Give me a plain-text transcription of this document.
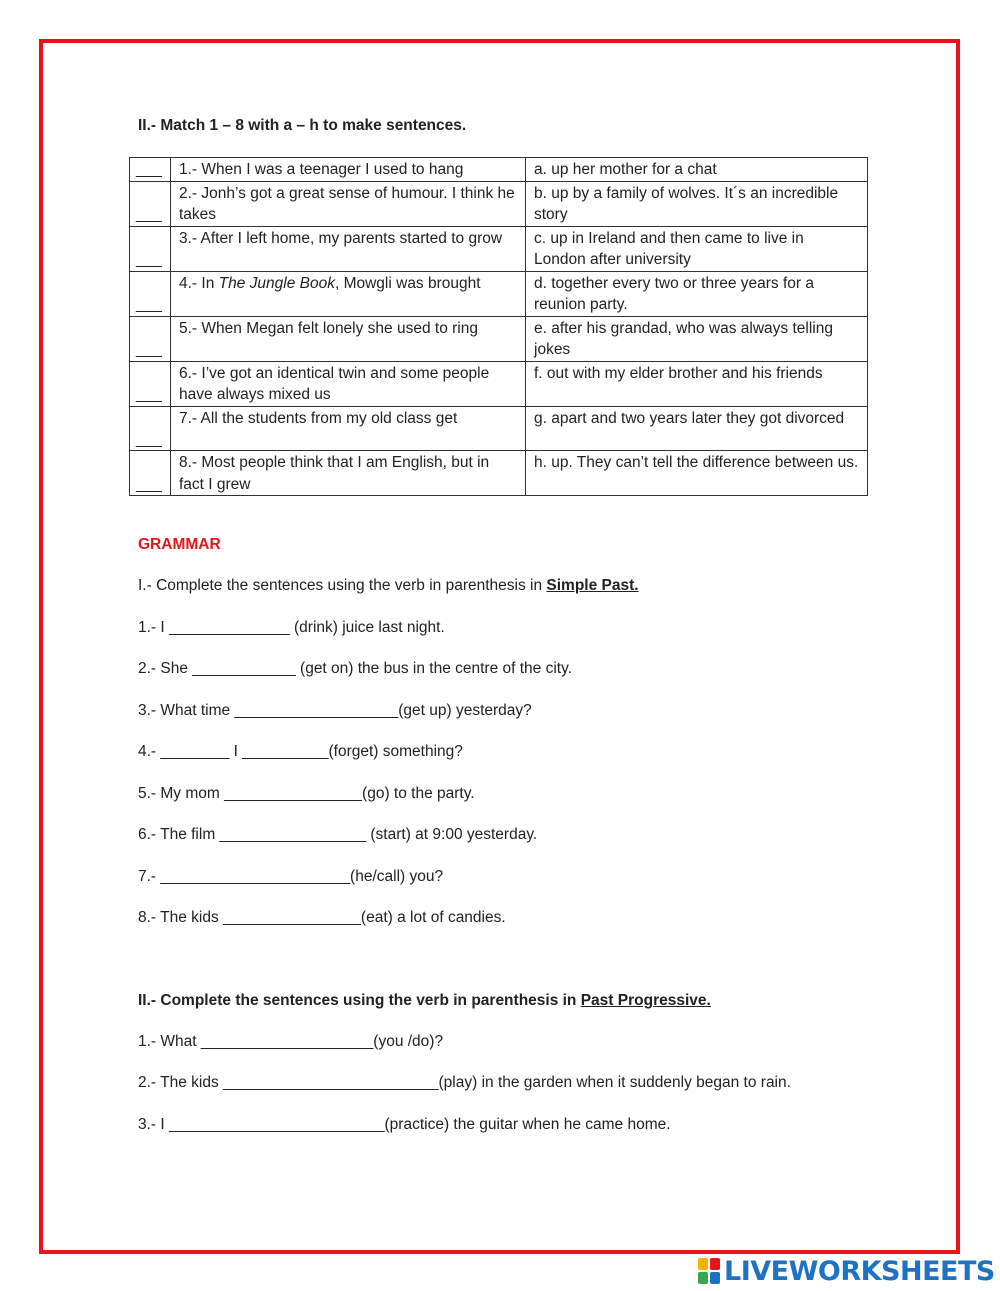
II.- Match 1 – 8 with a – h to make sentences.
___	1.- When I was a teenager I used to hang	a. up her mother for a chat
___	2.- Jonh’s got a great sense of humour. I think he takes	b. up by a family of wolves. It´s an incredible story
___	3.- After I left home, my parents started to grow	c. up in Ireland and then came to live in London after university
___	4.- In The Jungle Book, Mowgli was brought	d. together every two or three years for a reunion party.
___	5.- When Megan felt lonely she used to ring	e. after his grandad, who was always telling jokes
___	6.- I’ve got an identical twin and some people have always mixed us	f. out with my elder brother and his friends
___	7.- All the students from my old class get	g. apart and two years later they got divorced
___	8.- Most people think that I am English, but in fact I grew	h. up. They can’t tell the difference between us.
GRAMMAR
I.- Complete the sentences using the verb in parenthesis in Simple Past.
1.- I ______________ (drink) juice last night.
2.- She ____________ (get on) the bus in the centre of the city.
3.- What time ___________________(get up) yesterday?
4.- ________ I __________(forget) something?
5.- My mom ________________(go) to the party.
6.- The film _________________ (start) at 9:00 yesterday.
7.- ______________________(he/call) you?
8.- The kids ________________(eat) a lot of candies.
II.- Complete the sentences using the verb in parenthesis in Past Progressive.
1.- What ____________________(you /do)?
2.- The kids _________________________(play) in the garden when it suddenly began to rain.
3.- I _________________________(practice) the guitar when he came home.
LIVEWORKSHEETS
